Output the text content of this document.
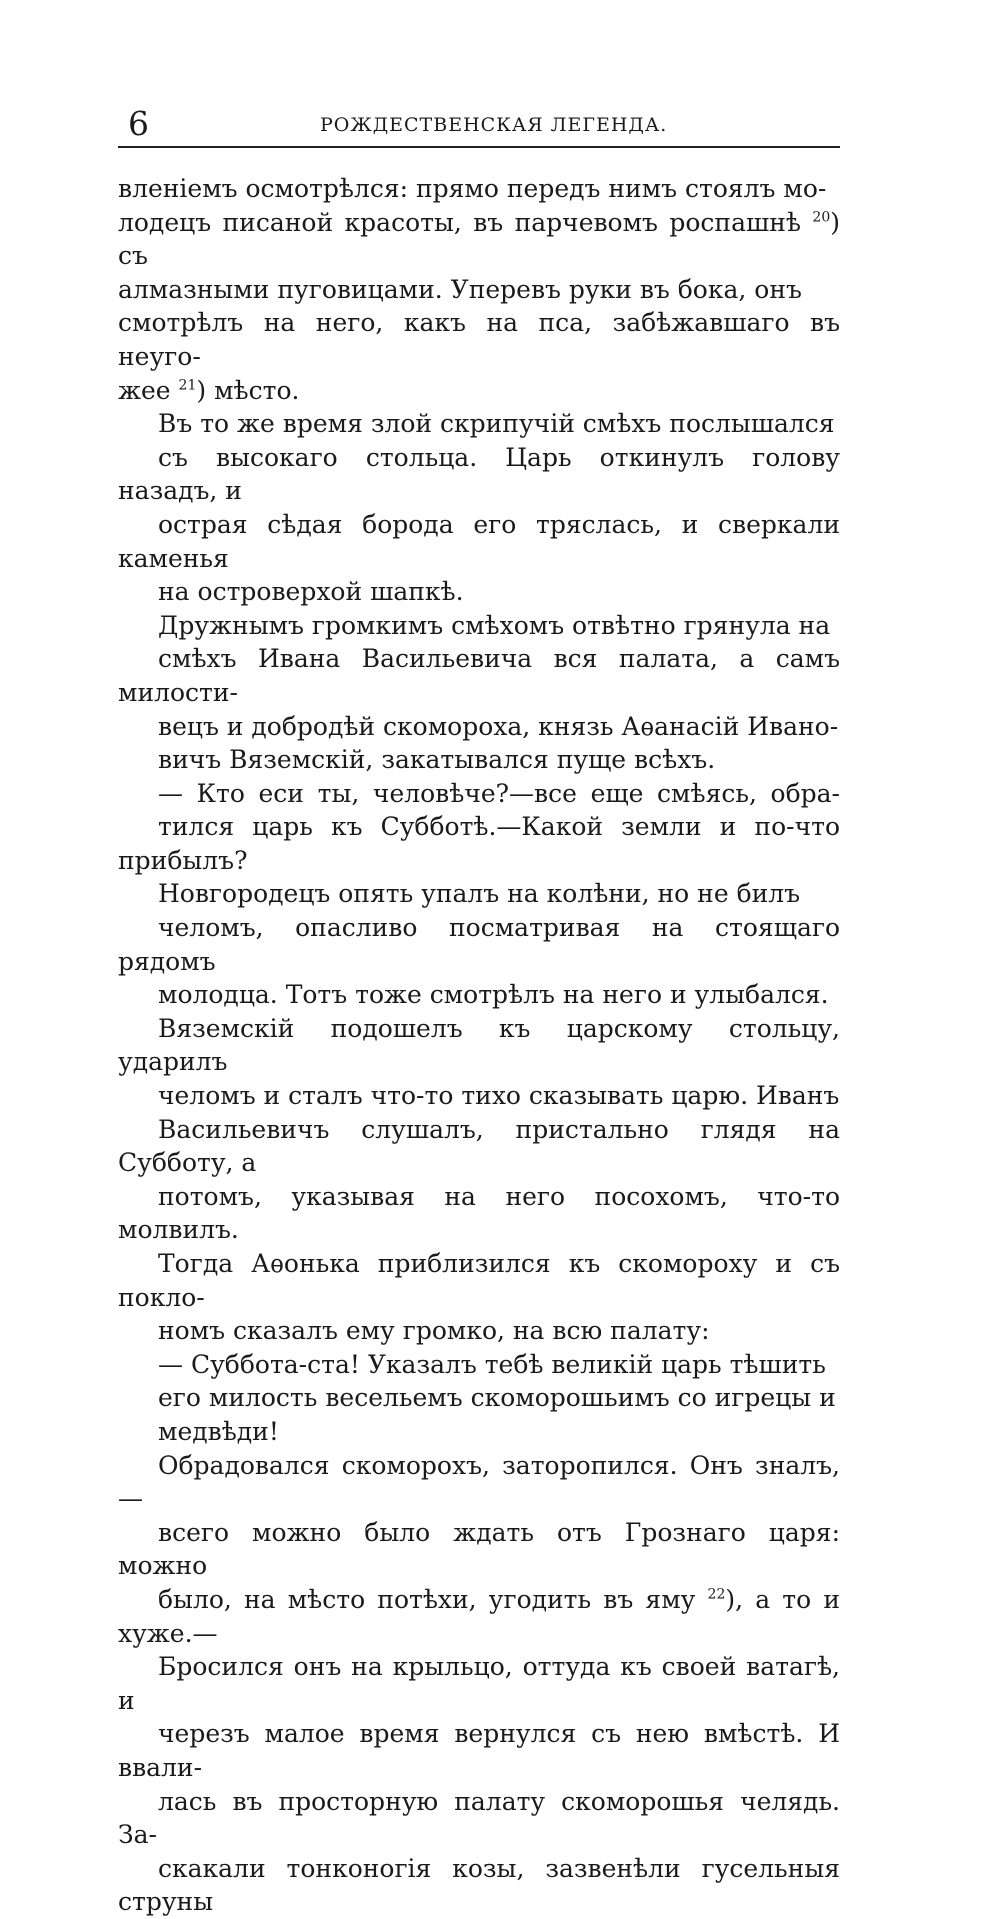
6	РОЖДЕСТВЕНСКАЯ ЛЕГЕНДА.

вленіемъ осмотрѣлся: прямо передъ нимъ стоялъ мо-
лодецъ писаной красоты, въ парчевомъ роспашнѣ $^{20}$) съ
алмазными пуговицами. Уперевъ руки въ бока, онъ
смотрѣлъ на него, какъ на пса, забѣжавшаго въ неуго-
жее $^{21}$) мѣсто.

Въ то же время злой скрипучій смѣхъ послышался
съ высокаго стольца. Царь откинулъ голову назадъ, и
острая сѣдая борода его тряслась, и сверкали каменья
на островерхой шапкѣ.

Дружнымъ громкимъ смѣхомъ отвѣтно грянула на
смѣхъ Ивана Васильевича вся палата, а самъ милости-
вецъ и добродѣй скомороха, князь Аѳанасій Ивано-
вичъ Вяземскій, закатывался пуще всѣхъ.

— Кто еси ты, человѣче?—все еще смѣясь, обра-
тился царь къ Субботѣ.—Какой земли и по-что прибылъ?

Новгородецъ опять упалъ на колѣни, но не билъ
челомъ, опасливо посматривая на стоящаго рядомъ
молодца. Тотъ тоже смотрѣлъ на него и улыбался.

Вяземскій подошелъ къ царскому стольцу, ударилъ
челомъ и сталъ что-то тихо сказывать царю. Иванъ
Васильевичъ слушалъ, пристально глядя на Субботу, а
потомъ, указывая на него посохомъ, что-то молвилъ.
Тогда Аѳонька приблизился къ скомороху и съ покло-
номъ сказалъ ему громко, на всю палату:

— Суббота-ста! Указалъ тебѣ великій царь тѣшить
его милость весельемъ скоморошьимъ со игрецы и
медвѣди!

Обрадовался скоморохъ, заторопился. Онъ зналъ,—
всего можно было ждать отъ Грознаго царя: можно
было, на мѣсто потѣхи, угодить въ яму $^{22}$), а то и хуже.—
Бросился онъ на крыльцо, оттуда къ своей ватагѣ, и
черезъ малое время вернулся съ нею вмѣстѣ. И ввали-
лась въ просторную палату скоморошья челядь. За-
скакали тонконогія козы, зазвенѣли гусельныя струны
